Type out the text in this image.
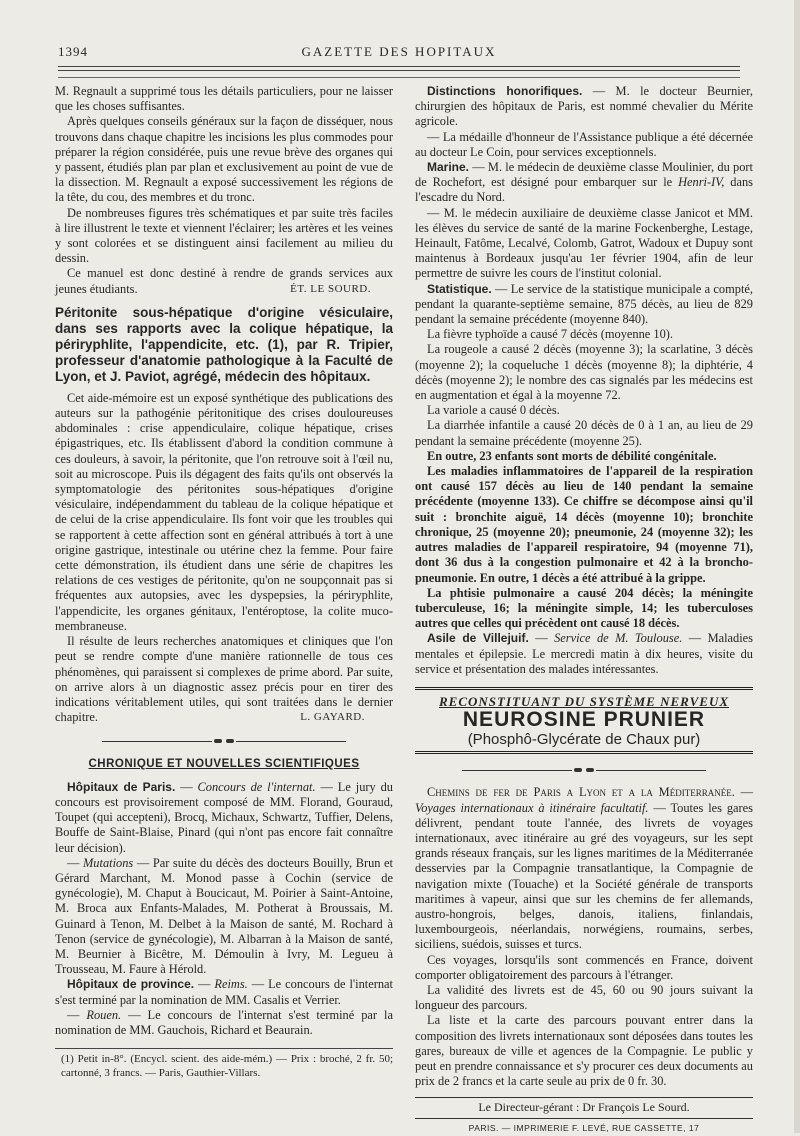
1394	GAZETTE DES HOPITAUX

M. Regnault a supprimé tous les détails particuliers, pour ne laisser que les choses suffisantes.

Après quelques conseils généraux sur la façon de disséquer, nous trouvons dans chaque chapitre les incisions les plus commodes pour préparer la région considérée, puis une revue brève des organes qui y passent, étudiés plan par plan et exclusivement au point de vue de la dissection. M. Regnault a exposé successivement les régions de la tête, du cou, des membres et du tronc.

De nombreuses figures très schématiques et par suite très faciles à lire illustrent le texte et viennent l'éclairer; les artères et les veines y sont colorées et se distinguent ainsi facilement au milieu du dessin.

Ce manuel est donc destiné à rendre de grands services aux jeunes étudiants.	ÉT. LE SOURD.

Péritonite sous-hépatique d'origine vésiculaire, dans ses rapports avec la colique hépatique, la périryphlite, l'appendicite, etc. (1), par R. Tripier, professeur d'anatomie pathologique à la Faculté de Lyon, et J. Paviot, agrégé, médecin des hôpitaux.

Cet aide-mémoire est un exposé synthétique des publications des auteurs sur la pathogénie péritonitique des crises douloureuses abdominales : crise appendiculaire, colique hépatique, crises épigastriques, etc. Ils établissent d'abord la condition commune à ces douleurs, à savoir, la péritonite, que l'on retrouve soit à l'œil nu, soit au microscope. Puis ils dégagent des faits qu'ils ont observés la symptomatologie des péritonites sous-hépatiques d'origine vésiculaire, indépendamment du tableau de la colique hépatique et de celui de la crise appendiculaire. Ils font voir que les troubles qui se rapportent à cette affection sont en général attribués à tort à une origine gastrique, intestinale ou utérine chez la femme. Pour faire cette démonstration, ils étudient dans une série de chapitres les relations de ces vestiges de péritonite, qu'on ne soupçonnait pas si fréquentes aux autopsies, avec les dyspepsies, la périryphlite, l'appendicite, les organes génitaux, l'entéroptose, la colite muco-membraneuse.

Il résulte de leurs recherches anatomiques et cliniques que l'on peut se rendre compte d'une manière rationnelle de tous ces phénomènes, qui paraissent si complexes de prime abord. Par suite, on arrive alors à un diagnostic assez précis pour en tirer des indications véritablement utiles, qui sont traitées dans le dernier chapitre.	L. GAYARD.

CHRONIQUE ET NOUVELLES SCIENTIFIQUES

Hôpitaux de Paris. — Concours de l'internat. — Le jury du concours est provisoirement composé de MM. Florand, Gouraud, Toupet (qui accepteni), Brocq, Michaux, Schwartz, Tuffier, Delens, Bouffe de Saint-Blaise, Pinard (qui n'ont pas encore fait connaître leur décision).

— Mutations — Par suite du décès des docteurs Bouilly, Brun et Gérard Marchant, M. Monod passe à Cochin (service de gynécologie), M. Chaput à Boucicaut, M. Poirier à Saint-Antoine, M. Broca aux Enfants-Malades, M. Potherat à Broussais, M. Guinard à Tenon, M. Delbet à la Maison de santé, M. Rochard à Tenon (service de gynécologie), M. Albarran à la Maison de santé, M. Beurnier à Bicêtre, M. Démoulin à Ivry, M. Legueu à Trousseau, M. Faure à Hérold.

Hôpitaux de province. — Reims. — Le concours de l'internat s'est terminé par la nomination de MM. Casalis et Verrier.

— Rouen. — Le concours de l'internat s'est terminé par la nomination de MM. Gauchois, Richard et Beaurain.

(1) Petit in-8°. (Encycl. scient. des aide-mém.) — Prix : broché, 2 fr. 50; cartonné, 3 francs. — Paris, Gauthier-Villars.

Distinctions honorifiques. — M. le docteur Beurnier, chirurgien des hôpitaux de Paris, est nommé chevalier du Mérite agricole.

— La médaille d'honneur de l'Assistance publique a été décernée au docteur Le Coin, pour services exceptionnels.

Marine. — M. le médecin de deuxième classe Moulinier, du port de Rochefort, est désigné pour embarquer sur le Henri-IV, dans l'escadre du Nord.

— M. le médecin auxiliaire de deuxième classe Janicot et MM. les élèves du service de santé de la marine Fockenberghe, Lestage, Heinault, Fatôme, Lecalvé, Colomb, Gatrot, Wadoux et Dupuy sont maintenus à Bordeaux jusqu'au 1er février 1904, afin de leur permettre de suivre les cours de l'institut colonial.

Statistique. — Le service de la statistique municipale a compté, pendant la quarante-septième semaine, 875 décès, au lieu de 829 pendant la semaine précédente (moyenne 840).

La fièvre typhoïde a causé 7 décès (moyenne 10).

La rougeole a causé 2 décès (moyenne 3); la scarlatine, 3 décès (moyenne 2); la coqueluche 1 décès (moyenne 8); la diphtérie, 4 décès (moyenne 2); le nombre des cas signalés par les médecins est en augmentation et égal à la moyenne 72.

La variole a causé 0 décès.

La diarrhée infantile a causé 20 décès de 0 à 1 an, au lieu de 29 pendant la semaine précédente (moyenne 25).

En outre, 23 enfants sont morts de débilité congénitale.

Les maladies inflammatoires de l'appareil de la respiration ont causé 157 décès au lieu de 140 pendant la semaine précédente (moyenne 133). Ce chiffre se décompose ainsi qu'il suit : bronchite aiguë, 14 décès (moyenne 10); bronchite chronique, 25 (moyenne 20); pneumonie, 24 (moyenne 32); les autres maladies de l'appareil respiratoire, 94 (moyenne 71), dont 36 dus à la congestion pulmonaire et 42 à la broncho-pneumonie. En outre, 1 décès a été attribué à la grippe.

La phtisie pulmonaire a causé 204 décès; la méningite tuberculeuse, 16; la méningite simple, 14; les tuberculoses autres que celles qui précèdent ont causé 18 décès.

Asile de Villejuif. — Service de M. Toulouse. — Maladies mentales et épilepsie. Le mercredi matin à dix heures, visite du service et présentation des malades intéressantes.

RECONSTITUANT DU SYSTÈME NERVEUX
NEUROSINE PRUNIER
(Phosphô-Glycérate de Chaux pur)

Chemins de fer de Paris a Lyon et a la Méditerranée. — Voyages internationaux à itinéraire facultatif. — Toutes les gares délivrent, pendant toute l'année, des livrets de voyages internationaux, avec itinéraire au gré des voyageurs, sur les sept grands réseaux français, sur les lignes maritimes de la Méditerranée desservies par la Compagnie transatlantique, la Compagnie de navigation mixte (Touache) et la Société générale de transports maritimes à vapeur, ainsi que sur les chemins de fer allemands, austro-hongrois, belges, danois, italiens, finlandais, luxembourgeois, néerlandais, norwégiens, roumains, serbes, siciliens, suédois, suisses et turcs.

Ces voyages, lorsqu'ils sont commencés en France, doivent comporter obligatoirement des parcours à l'étranger.

La validité des livrets est de 45, 60 ou 90 jours suivant la longueur des parcours.

La liste et la carte des parcours pouvant entrer dans la composition des livrets internationaux sont déposées dans toutes les gares, bureaux de ville et agences de la Compagnie. Le public y peut en prendre connaissance et s'y procurer ces deux documents au prix de 2 francs et la carte seule au prix de 0 fr. 30.

Le Directeur-gérant : Dr François Le Sourd.
PARIS. — IMPRIMERIE F. LEVÉ, RUE CASSETTE, 17
